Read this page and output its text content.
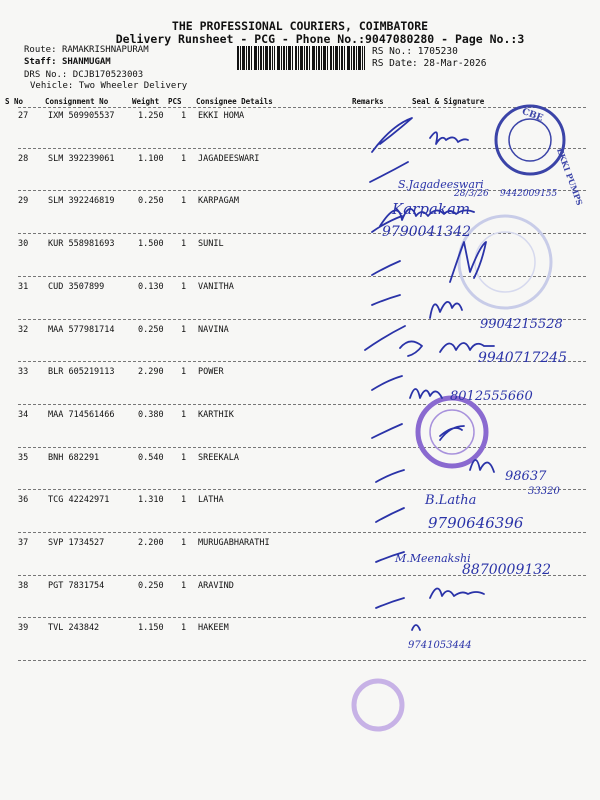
THE PROFESSIONAL COURIERS, COIMBATORE
Delivery Runsheet - PCG - Phone No.:9047080280 - Page No.:3
Route: RAMAKRISHNAPURAM
Staff: SHANMUGAM
DRS No.: DCJB170523003
Vehicle: Two Wheeler Delivery
RS No.: 1705230
RS Date: 28-Mar-2026
S No	Consignment No	Weight PCS Consignee Details	Remarks	Seal & Signature
27 IXM 509905537	1.250 1 EKKI HOMA
28 SLM 392239061	1.100 1 JAGADEESWARI
29 SLM 392246819	0.250 1 KARPAGAM
30 KUR 558981693	1.500 1 SUNIL
31 CUD 3507899	0.130 1 VANITHA
32 MAA 577981714	0.250 1 NAVINA
33 BLR 605219113	2.290 1 POWER
34 MAA 714561466	0.380 1 KARTHIK
35 BNH 682291	0.540 1 SREEKALA
36 TCG 42242971	1.310 1 LATHA
37 SVP 1734527	2.200 1 MURUGABHARATHI
38 PGT 7831754	0.250 1 ARAVIND
39 TVL 243842	1.150 1 HAKEEM
S.Jagadeeswari
28/3/26 9442009155
Karpakam
9790041342
9904215528
9940717245
8012555660
98637
33320
B.Latha
9790646396
M.Meenakshi
8870009132
9741053444
CBE
EKKI PUMPS
